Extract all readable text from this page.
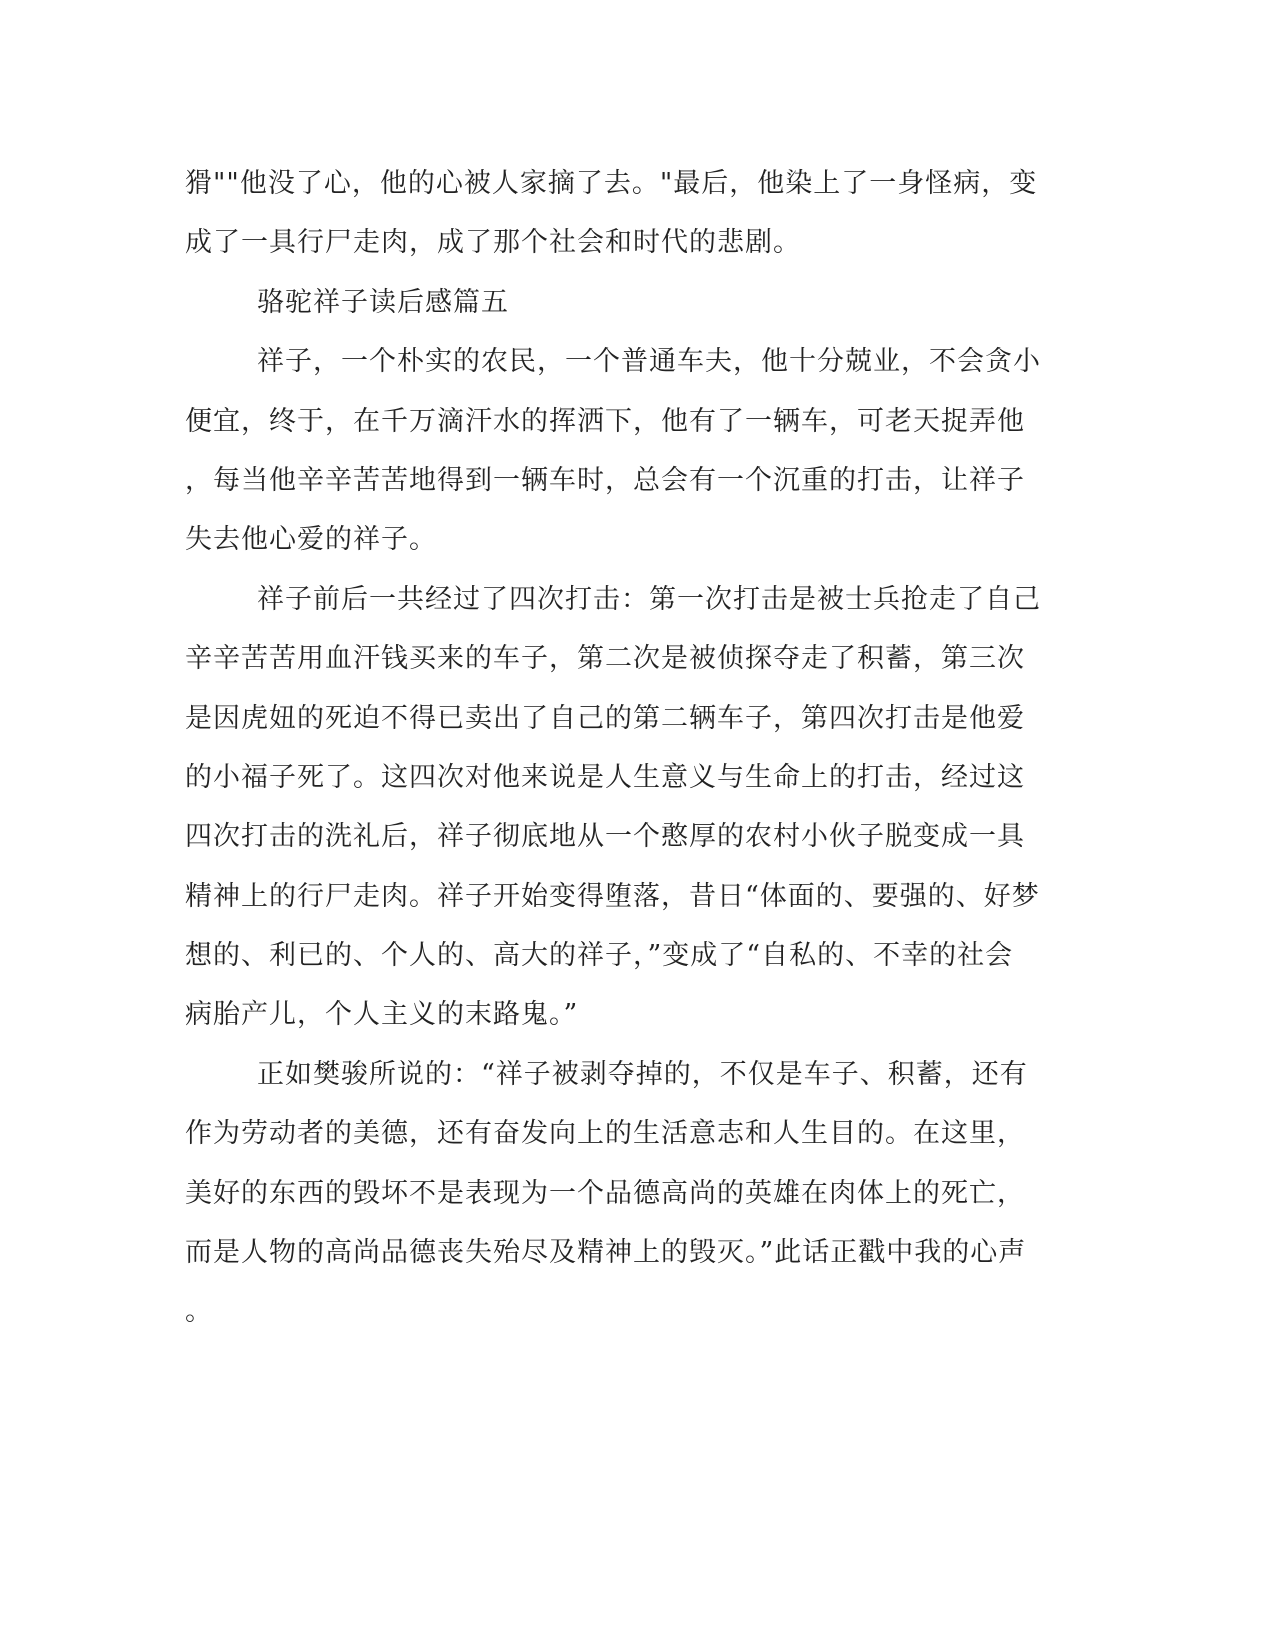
猾""他没了心，他的心被人家摘了去。"最后，他染上了一身怪病，变
成了一具行尸走肉，成了那个社会和时代的悲剧。
骆驼祥子读后感篇五
祥子，一个朴实的农民，一个普通车夫，他十分兢业，不会贪小
便宜，终于，在千万滴汗水的挥洒下，他有了一辆车，可老天捉弄他
，每当他辛辛苦苦地得到一辆车时，总会有一个沉重的打击，让祥子
失去他心爱的祥子。
祥子前后一共经过了四次打击：第一次打击是被士兵抢走了自己
辛辛苦苦用血汗钱买来的车子，第二次是被侦探夺走了积蓄，第三次
是因虎妞的死迫不得已卖出了自己的第二辆车子，第四次打击是他爱
的小福子死了。这四次对他来说是人生意义与生命上的打击，经过这
四次打击的洗礼后，祥子彻底地从一个憨厚的农村小伙子脱变成一具
精神上的行尸走肉。祥子开始变得堕落，昔日“体面的、要强的、好梦
想的、利已的、个人的、高大的祥子，”变成了“自私的、不幸的社会
病胎产儿，个人主义的末路鬼。”
正如樊骏所说的：“祥子被剥夺掉的，不仅是车子、积蓄，还有
作为劳动者的美德，还有奋发向上的生活意志和人生目的。在这里，
美好的东西的毁坏不是表现为一个品德高尚的英雄在肉体上的死亡，
而是人物的高尚品德丧失殆尽及精神上的毁灭。”此话正戳中我的心声
。
